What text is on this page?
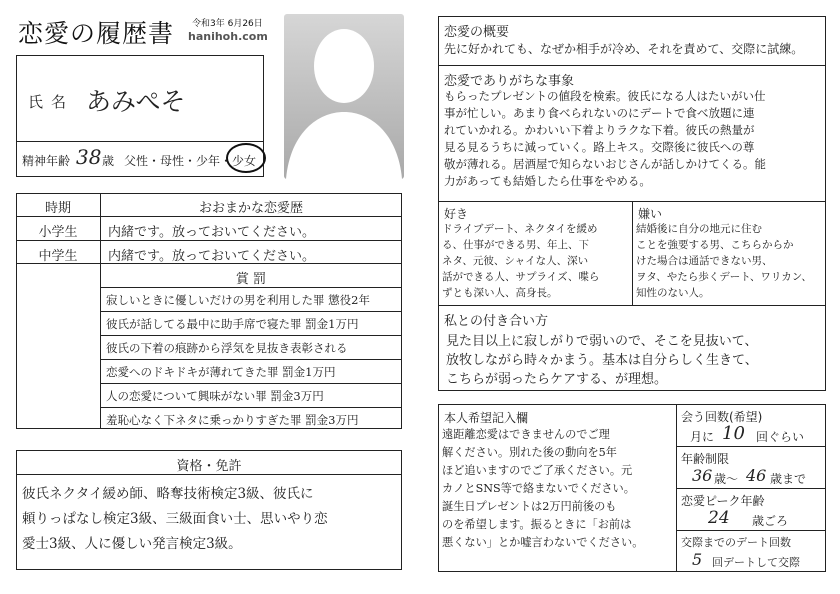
恋愛の履歴書 令和3年 6月26日
hanihoh.com
氏名 あみぺそ
精神年齢 38 歳 父性・母性・少年・ 少女
時期	おおまかな恋愛歴
小学生	内緒です。放っておいてください。
中学生	内緒です。放っておいてください。
賞 罰
寂しいときに優しいだけの男を利用した罪 懲役2年
彼氏が話してる最中に助手席で寝た罪 罰金1万円
彼氏の下着の痕跡から浮気を見抜き表彰される
恋愛へのドキドキが薄れてきた罪 罰金1万円
人の恋愛について興味がない罪 罰金3万円
羞恥心なく下ネタに乗っかりすぎた罪 罰金3万円
資格・免許
彼氏ネクタイ緩め師、略奪技術検定3級、彼氏に
頼りっぱなし検定3級、三級面食い士、思いやり恋
愛士3級、人に優しい発言検定3級。
恋愛の概要
先に好かれても、なぜか相手が冷め、それを責めて、交際に試練。
恋愛でありがちな事象
もらったプレゼントの値段を検索。彼氏になる人はたいがい仕
事が忙しい。あまり食べられないのにデートで食べ放題に連
れていかれる。かわいい下着よりラクな下着。彼氏の熱量が
見る見るうちに減っていく。路上キス。交際後に彼氏への尊
敬が薄れる。居酒屋で知らないおじさんが話しかけてくる。能
力があっても結婚したら仕事をやめる。
好き
ドライブデート、ネクタイを緩め
る、仕事ができる男、年上、下
ネタ、元彼、シャイな人、深い
話ができる人、サプライズ、喋ら
ずとも深い人、高身長。
嫌い
結婚後に自分の地元に住む
ことを強要する男、こちらからか
けた場合は通話できない男、
ヲタ、やたら歩くデート、ワリカン、
知性のない人。
私との付き合い方
見た目以上に寂しがりで弱いので、そこを見抜いて、
放牧しながら時々かまう。基本は自分らしく生きて、
こちらが弱ったらケアする、が理想。
本人希望記入欄
遠距離恋愛はできませんのでご理
解ください。別れた後の動向を5年
ほど追いますのでご了承ください。元
カノとSNS等で絡まないでください。
誕生日プレゼントは2万円前後のも
のを希望します。振るときに「お前は
悪くない」とか嘘言わないでください。
会う回数(希望)
月に 10 回ぐらい
年齢制限
36 歳〜 46 歳まで
恋愛ピーク年齢
24 歳ごろ
交際までのデート回数
5 回デートして交際
